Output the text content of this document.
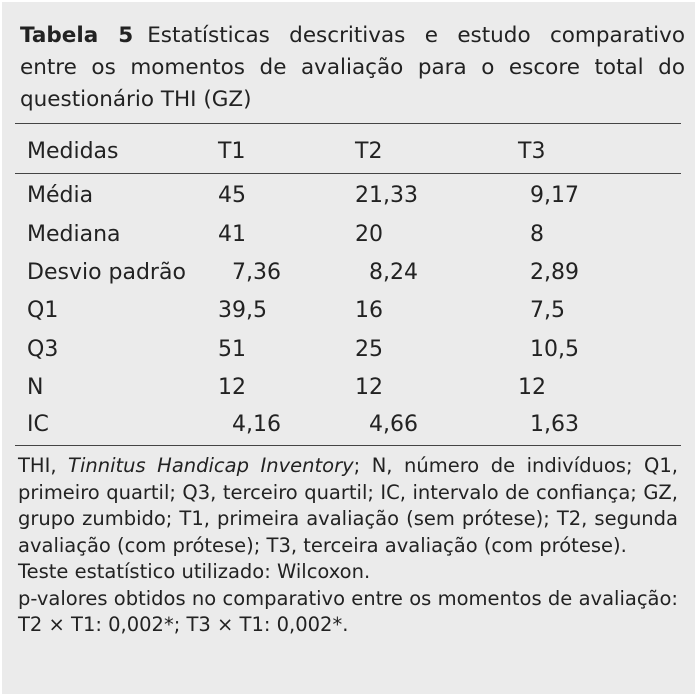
Tabela 5 Estatísticas descritivas e estudo comparativo entre os momentos de avaliação para o escore total do questionário THI (GZ)
Medidas	T1	T2	T3
Média	45	21,33	9,17
Mediana	41	20	8
Desvio padrão 7,36	8,24	2,89
Q1	39,5	16	7,5
Q3	51	25	10,5
N	12	12	12
IC	4,16	4,66	1,63

THI, Tinnitus Handicap Inventory; N, número de indivíduos; Q1, primeiro quartil; Q3, terceiro quartil; IC, intervalo de confiança; GZ, grupo zumbido; T1, primeira avaliação (sem prótese); T2, segunda avaliação (com prótese); T3, terceira avaliação (com prótese).

Teste estatístico utilizado: Wilcoxon.

p-valores obtidos no comparativo entre os momentos de avaliação: T2 × T1: 0,002*; T3 × T1: 0,002*.
